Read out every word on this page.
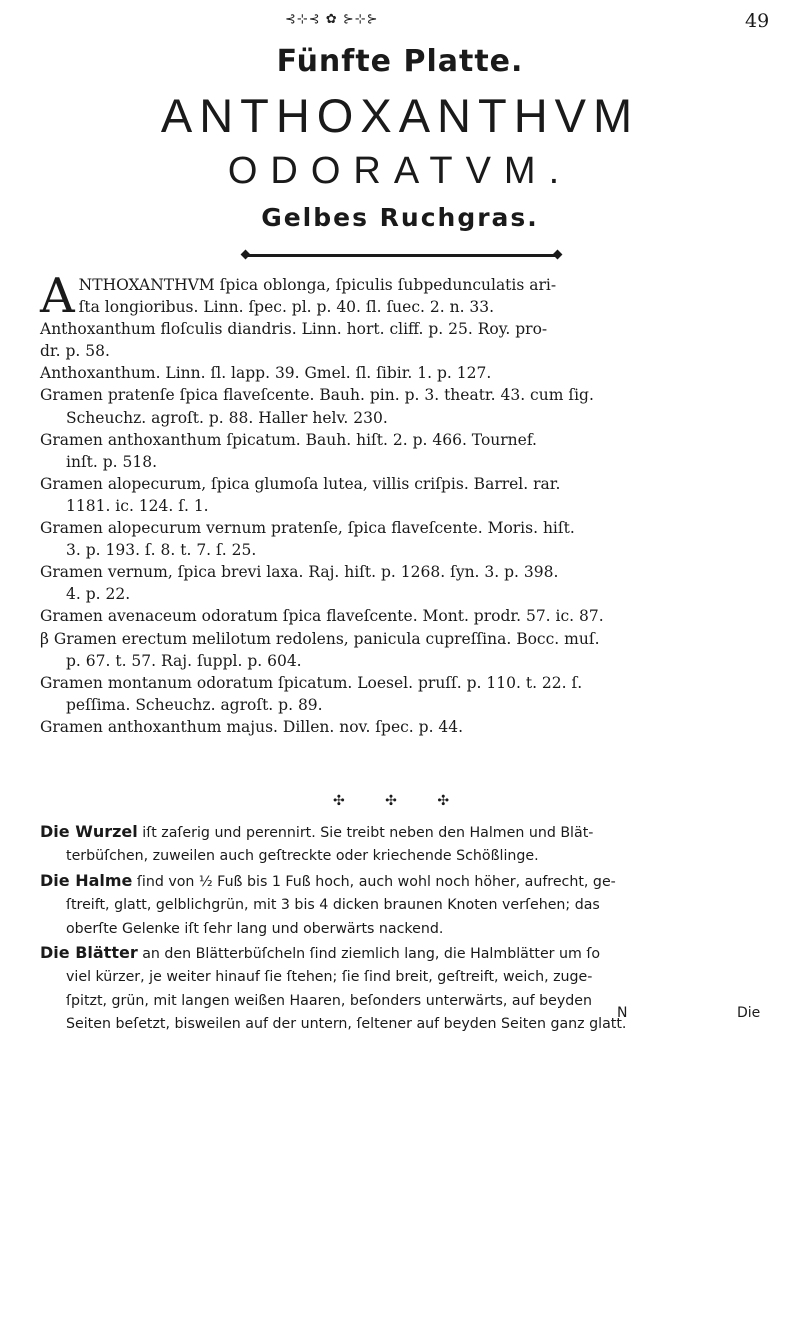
⊰⊹⊰ ✿ ⊱⊹⊱	49
Fünfte Platte.
ANTHOXANTHVM
ODORATVM.
Gelbes Ruchgras.
A NTHOXANTHVM ſpica oblonga, ſpiculis ſubpedunculatis ari-

ſta longioribus. Linn. ſpec. pl. p. 40. ſl. ſuec. 2. n. 33.

Anthoxanthum floſculis diandris. Linn. hort. cliff. p. 25. Roy. pro-

dr. p. 58.

Anthoxanthum. Linn. ſl. lapp. 39. Gmel. ſl. ſibir. 1. p. 127.

Gramen pratenſe ſpica flaveſcente. Bauh. pin. p. 3. theatr. 43. cum ſig.

Scheuchz. agroſt. p. 88. Haller helv. 230.

Gramen anthoxanthum ſpicatum. Bauh. hiſt. 2. p. 466. Tournef.

inſt. p. 518.

Gramen alopecurum, ſpica glumoſa lutea, villis criſpis. Barrel. rar.

1181. ic. 124. ſ. 1.

Gramen alopecurum vernum pratenſe, ſpica flaveſcente. Moris. hiſt.

3. p. 193. ſ. 8. t. 7. ſ. 25.

Gramen vernum, ſpica brevi laxa. Raj. hiſt. p. 1268. ſyn. 3. p. 398.

4. p. 22.

Gramen avenaceum odoratum ſpica flaveſcente. Mont. prodr. 57. ic. 87.

β Gramen erectum melilotum redolens, panicula cupreſſina. Bocc. muſ.

p. 67. t. 57. Raj. ſuppl. p. 604.

Gramen montanum odoratum ſpicatum. Loesel. pruſſ. p. 110. t. 22. ſ.

peſſima. Scheuchz. agroſt. p. 89.

Gramen anthoxanthum majus. Dillen. nov. ſpec. p. 44.

✣ ✣ ✣

Die Wurzel iſt zaſerig und perennirt. Sie treibt neben den Halmen und Blät-

terbüſchen, zuweilen auch geſtreckte oder kriechende Schößlinge.

Die Halme ſind von ½ Fuß bis 1 Fuß hoch, auch wohl noch höher, aufrecht, ge-

ſtreift, glatt, gelblichgrün, mit 3 bis 4 dicken braunen Knoten verſehen; das

oberſte Gelenke iſt ſehr lang und oberwärts nackend.

Die Blätter an den Blätterbüſcheln ſind ziemlich lang, die Halmblätter um ſo

viel kürzer, je weiter hinauf ſie ſtehen; ſie ſind breit, geſtreift, weich, zuge-

ſpitzt, grün, mit langen weißen Haaren, beſonders unterwärts, auf beyden

Seiten beſetzt, bisweilen auf der untern, ſeltener auf beyden Seiten ganz glatt.

N	Die
